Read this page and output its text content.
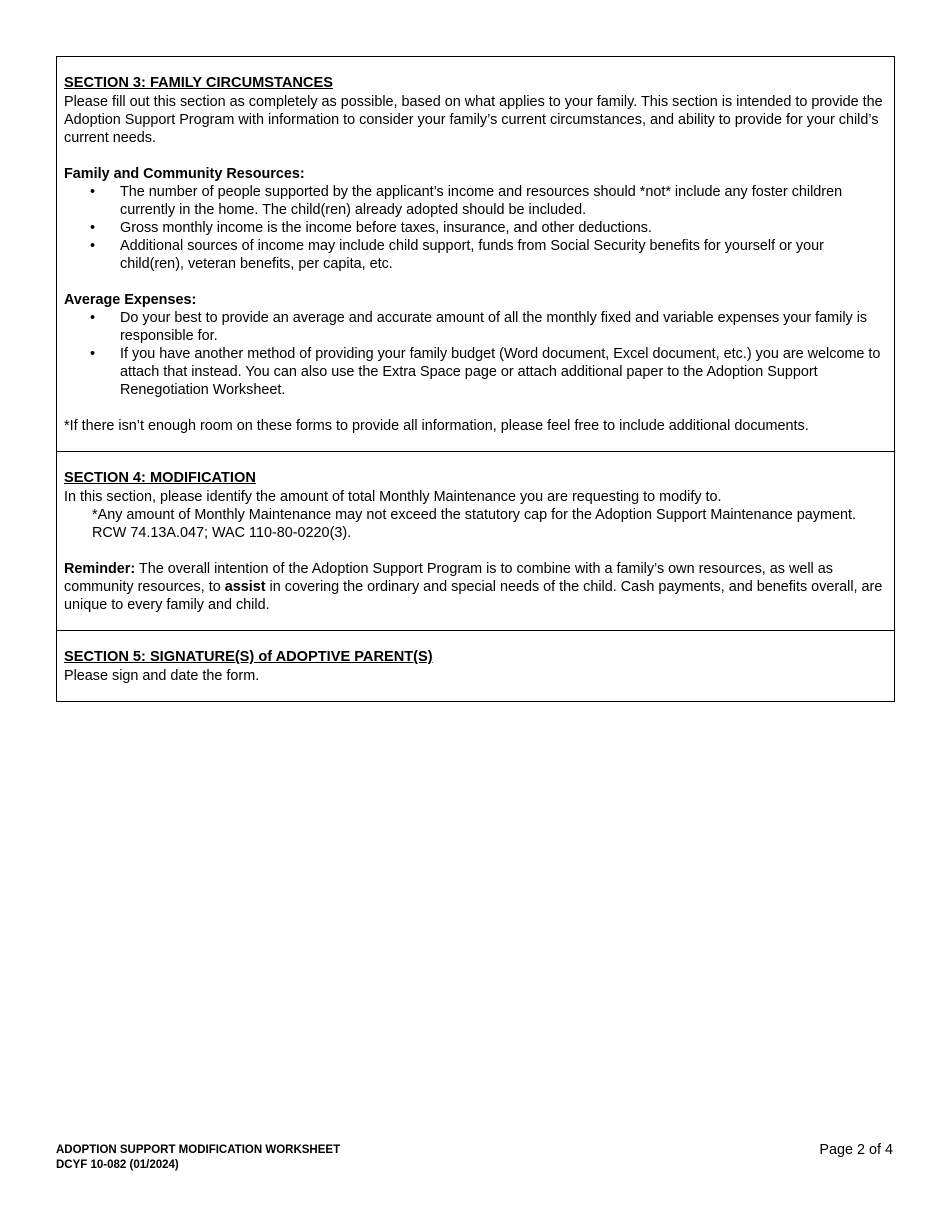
SECTION 3: FAMILY CIRCUMSTANCES

Please fill out this section as completely as possible, based on what applies to your family. This section is intended to provide the Adoption Support Program with information to consider your family’s current circumstances, and ability to provide for your child’s current needs.

Family and Community Resources:
• The number of people supported by the applicant’s income and resources should *not* include any foster children currently in the home. The child(ren) already adopted should be included.
• Gross monthly income is the income before taxes, insurance, and other deductions.
• Additional sources of income may include child support, funds from Social Security benefits for yourself or your child(ren), veteran benefits, per capita, etc.
Average Expenses:
• Do your best to provide an average and accurate amount of all the monthly fixed and variable expenses your family is responsible for.
• If you have another method of providing your family budget (Word document, Excel document, etc.) you are welcome to attach that instead. You can also use the Extra Space page or attach additional paper to the Adoption Support Renegotiation Worksheet.

*If there isn’t enough room on these forms to provide all information, please feel free to include additional documents.

SECTION 4: MODIFICATION

In this section, please identify the amount of total Monthly Maintenance you are requesting to modify to.

*Any amount of Monthly Maintenance may not exceed the statutory cap for the Adoption Support Maintenance payment. RCW 74.13A.047; WAC 110-80-0220(3).

Reminder: The overall intention of the Adoption Support Program is to combine with a family’s own resources, as well as community resources, to assist in covering the ordinary and special needs of the child. Cash payments, and benefits overall, are unique to every family and child.

SECTION 5: SIGNATURE(S) of ADOPTIVE PARENT(S)

Please sign and date the form.

ADOPTION SUPPORT MODIFICATION WORKSHEET
DCYF 10-082 (01/2024)
Page 2 of 4
